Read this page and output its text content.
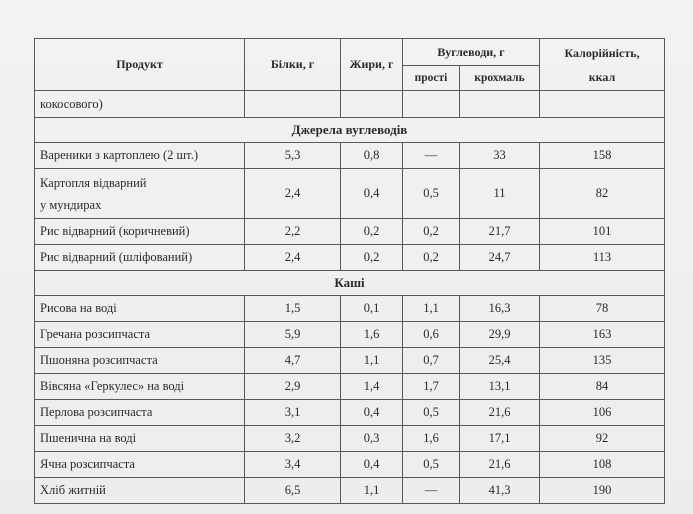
Продукт	Білки, г	Жири, г	Вуглеводи, г		Калорійність,
ккал

			прості	крохмаль	
кокосового)					
Джерела вуглеводів					
Вареники з картоплею (2 шт.)	5,3	0,8	—	33	158

Картопля відварний
у мундирах	2,4	0,4	0,5	11	82
Рис відварний (коричневий)	2,2	0,2	0,2	21,7	101
Рис відварний (шліфований)	2,4	0,2	0,2	24,7	113
Каші					
Рисова на воді	1,5	0,1	1,1	16,3	78
Гречана розсипчаста	5,9	1,6	0,6	29,9	163
Пшоняна розсипчаста	4,7	1,1	0,7	25,4	135
Вівсяна «Геркулес» на воді	2,9	1,4	1,7	13,1	84
Перлова розсипчаста	3,1	0,4	0,5	21,6	106
Пшенична на воді	3,2	0,3	1,6	17,1	92
Ячна розсипчаста	3,4	0,4	0,5	21,6	108
Хліб житній	6,5	1,1	—	41,3	190
